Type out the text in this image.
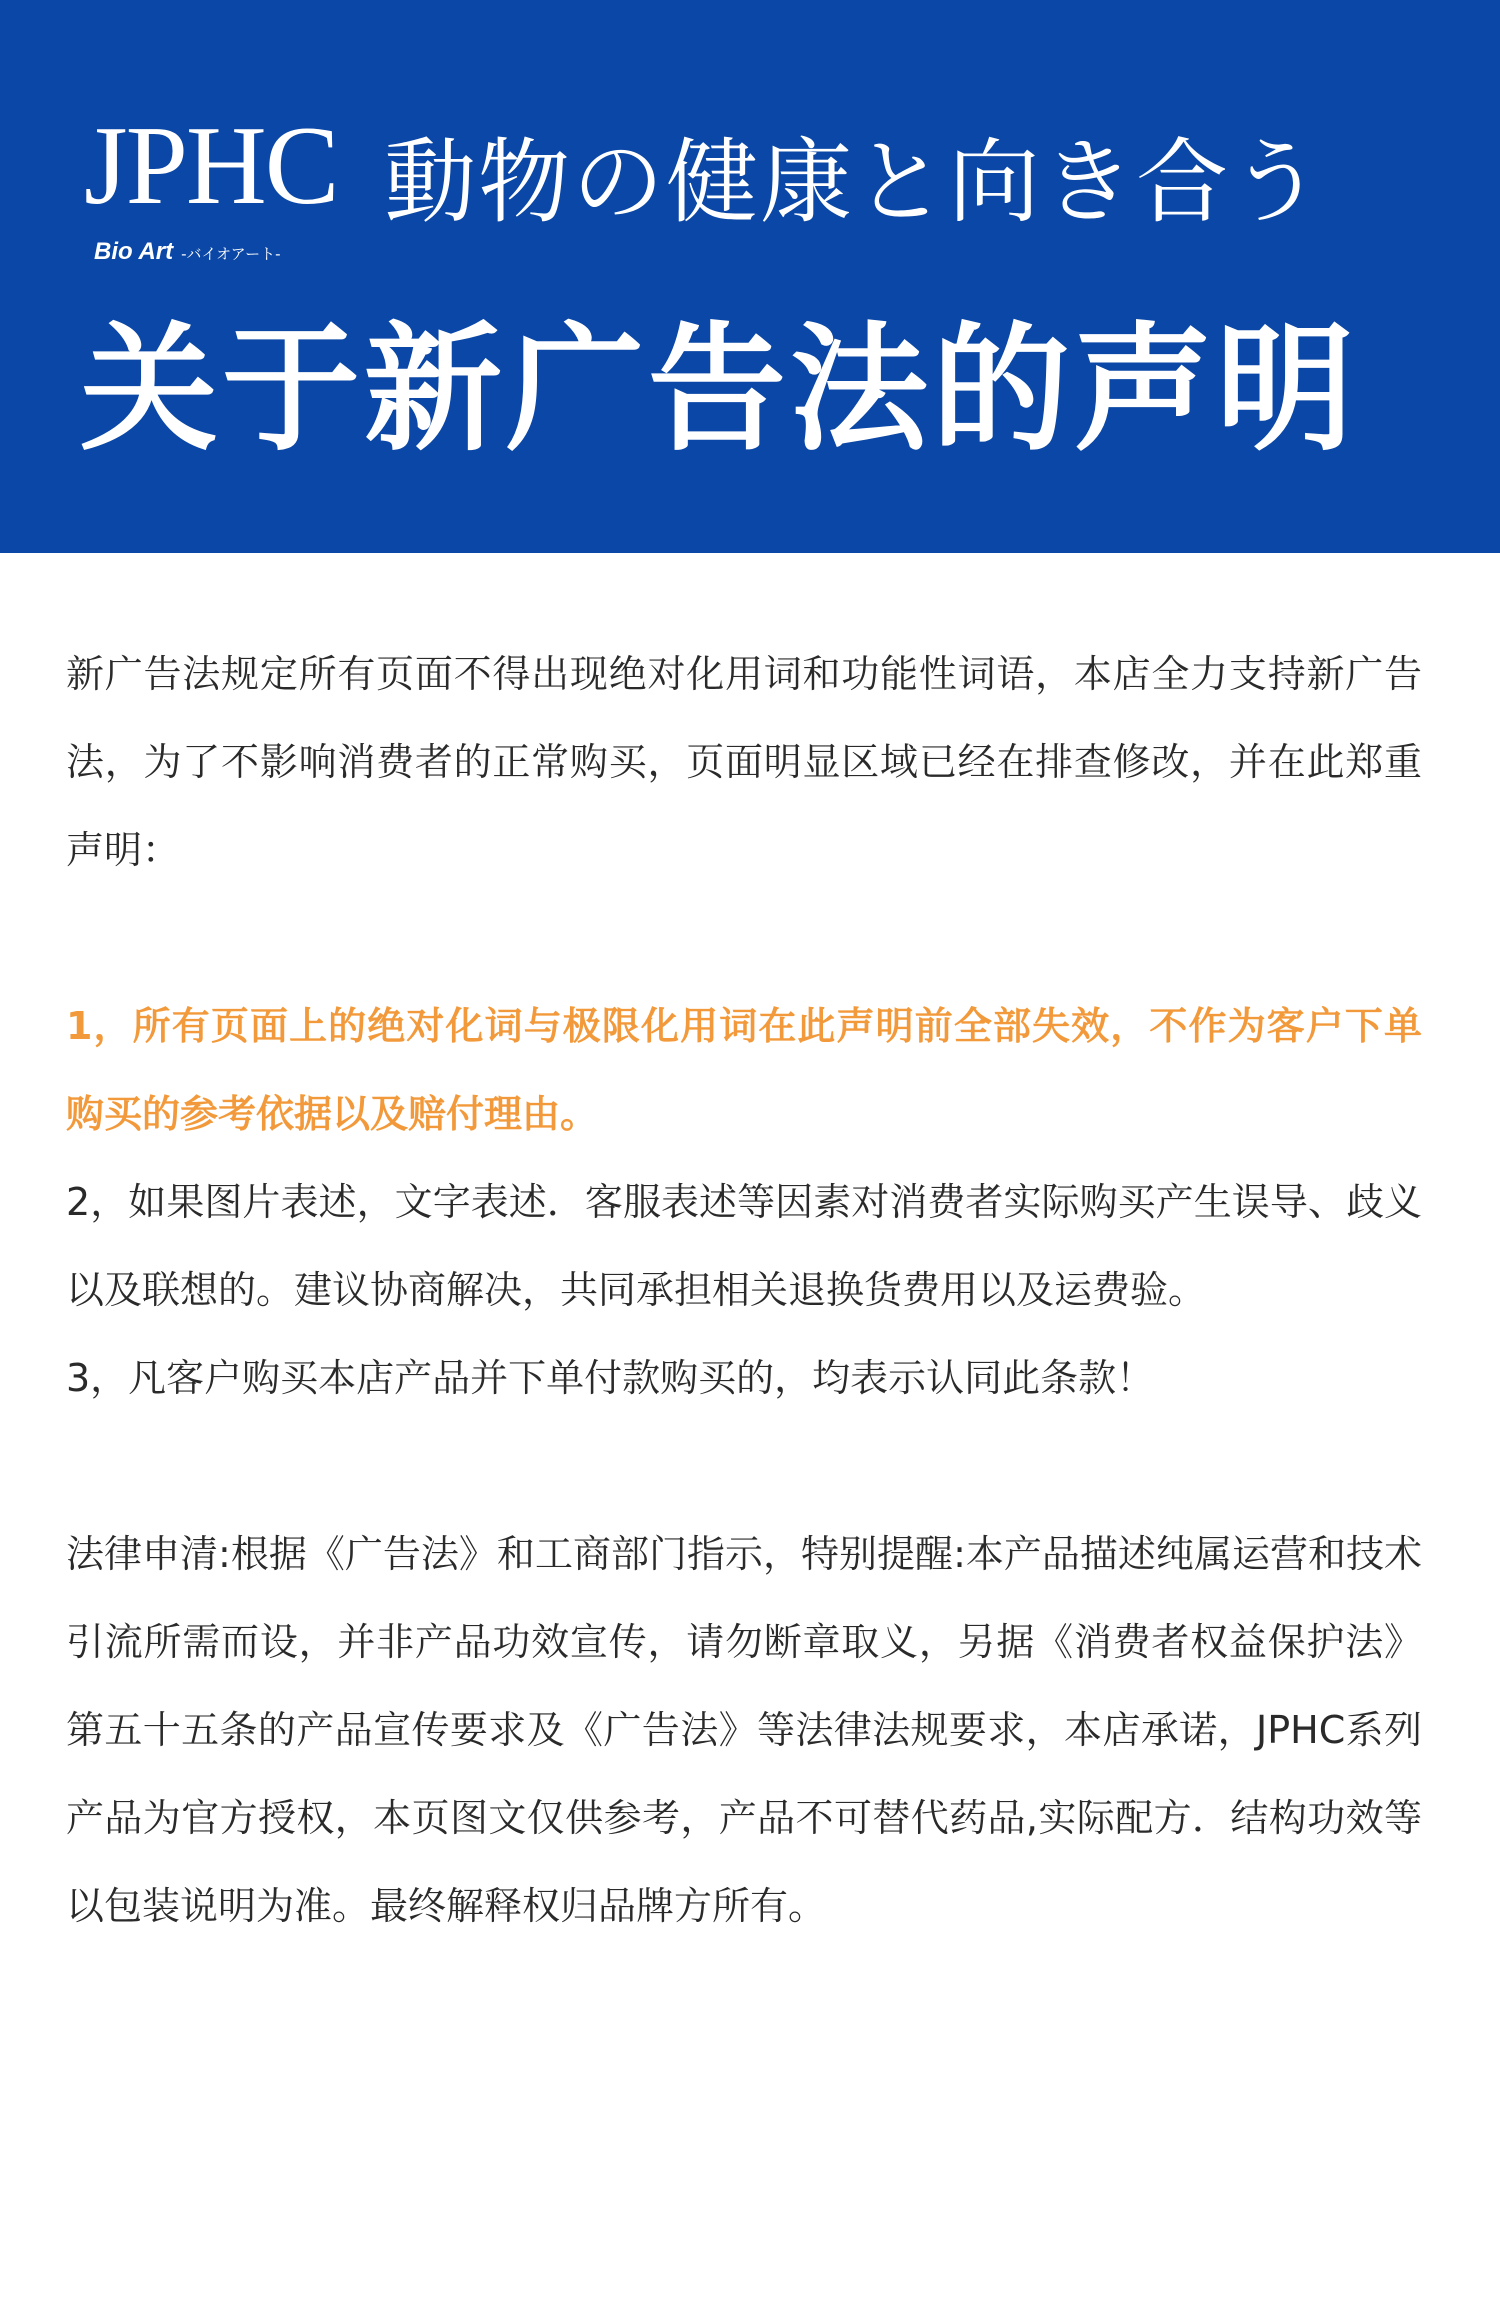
JPHC
Bio Art -バイオアート-
動物の健康と向き合う
关于新广告法的声明

新广告法规定所有页面不得出现绝对化用词和功能性词语，本店全力支持新广告法，为了不影响消费者的正常购买，页面明显区域已经在排查修改，并在此郑重声明：

1，所有页面上的绝对化词与极限化用词在此声明前全部失效，不作为客户下单购买的参考依据以及赔付理由。

2，如果图片表述，文字表述．客服表述等因素对消费者实际购买产生误导、歧义以及联想的。建议协商解决，共同承担相关退换货费用以及运费验。

3，凡客户购买本店产品并下单付款购买的，均表示认同此条款！

法律申清:根据《广告法》和工商部门指示，特别提醒:本产品描述纯属运营和技术引流所需而设，并非产品功效宣传，请勿断章取义，另据《消费者权益保护法》第五十五条的产品宣传要求及《广告法》等法律法规要求，本店承诺，JPHC系列产品为官方授权，本页图文仅供参考，产品不可替代药品,实际配方．结构功效等以包装说明为准。最终解释权归品牌方所有。
